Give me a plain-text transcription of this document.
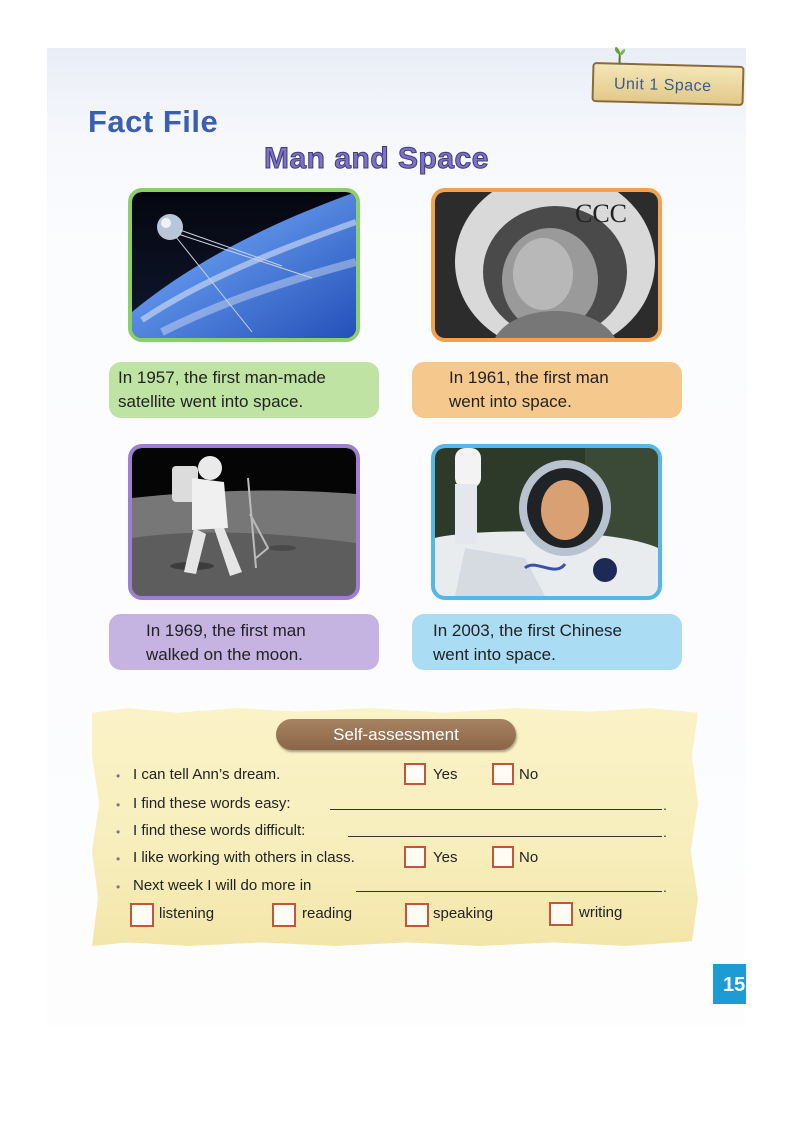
Unit 1 Space
Fact File
Man and Space
CCC
In 1957, the first man-made
satellite went into space.
In 1961, the first man
went into space.
In 1969, the first man
walked on the moon.
In 2003, the first Chinese
went into space.
Self-assessment
• I can tell Ann’s dream.	Yes	No
• I find these words easy:	.
• I find these words difficult:	.
• I like working with others in class.	Yes	No
• Next week I will do more in	.
listening	reading	speaking	writing
15
